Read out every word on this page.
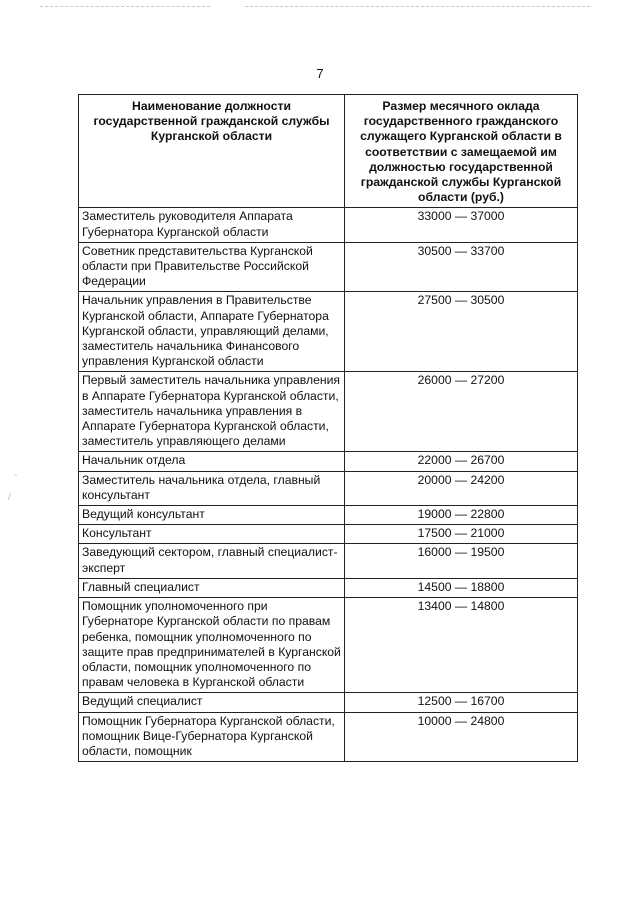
-
/
7
Наименование должности государственной гражданской службы Курганской области	Размер месячного оклада государственного гражданского служащего Курганской области в соответствии с замещаемой им должностью государственной гражданской службы Курганской области (руб.)
Заместитель руководителя Аппарата Губернатора Курганской области	33000 — 37000
Советник представительства Курганской области при Правительстве Российской Федерации	30500 — 33700
Начальник управления в Правительстве Курганской области, Аппарате Губернатора Курганской области, управляющий делами, заместитель начальника Финансового управления Курганской области	27500 — 30500
Первый заместитель начальника управления в Аппарате Губернатора Курганской области, заместитель начальника управления в Аппарате Губернатора Курганской области, заместитель управляющего делами	26000 — 27200
Начальник отдела	22000 — 26700
Заместитель начальника отдела, главный консультант	20000 — 24200
Ведущий консультант	19000 — 22800
Консультант	17500 — 21000
Заведующий сектором, главный специалист-эксперт	16000 — 19500
Главный специалист	14500 — 18800
Помощник уполномоченного при Губернаторе Курганской области по правам ребенка, помощник уполномоченного по защите прав предпринимателей в Курганской области, помощник уполномоченного по правам человека в Курганской области	13400 — 14800
Ведущий специалист	12500 — 16700
Помощник Губернатора Курганской области, помощник Вице-Губернатора Курганской области, помощник	10000 — 24800
